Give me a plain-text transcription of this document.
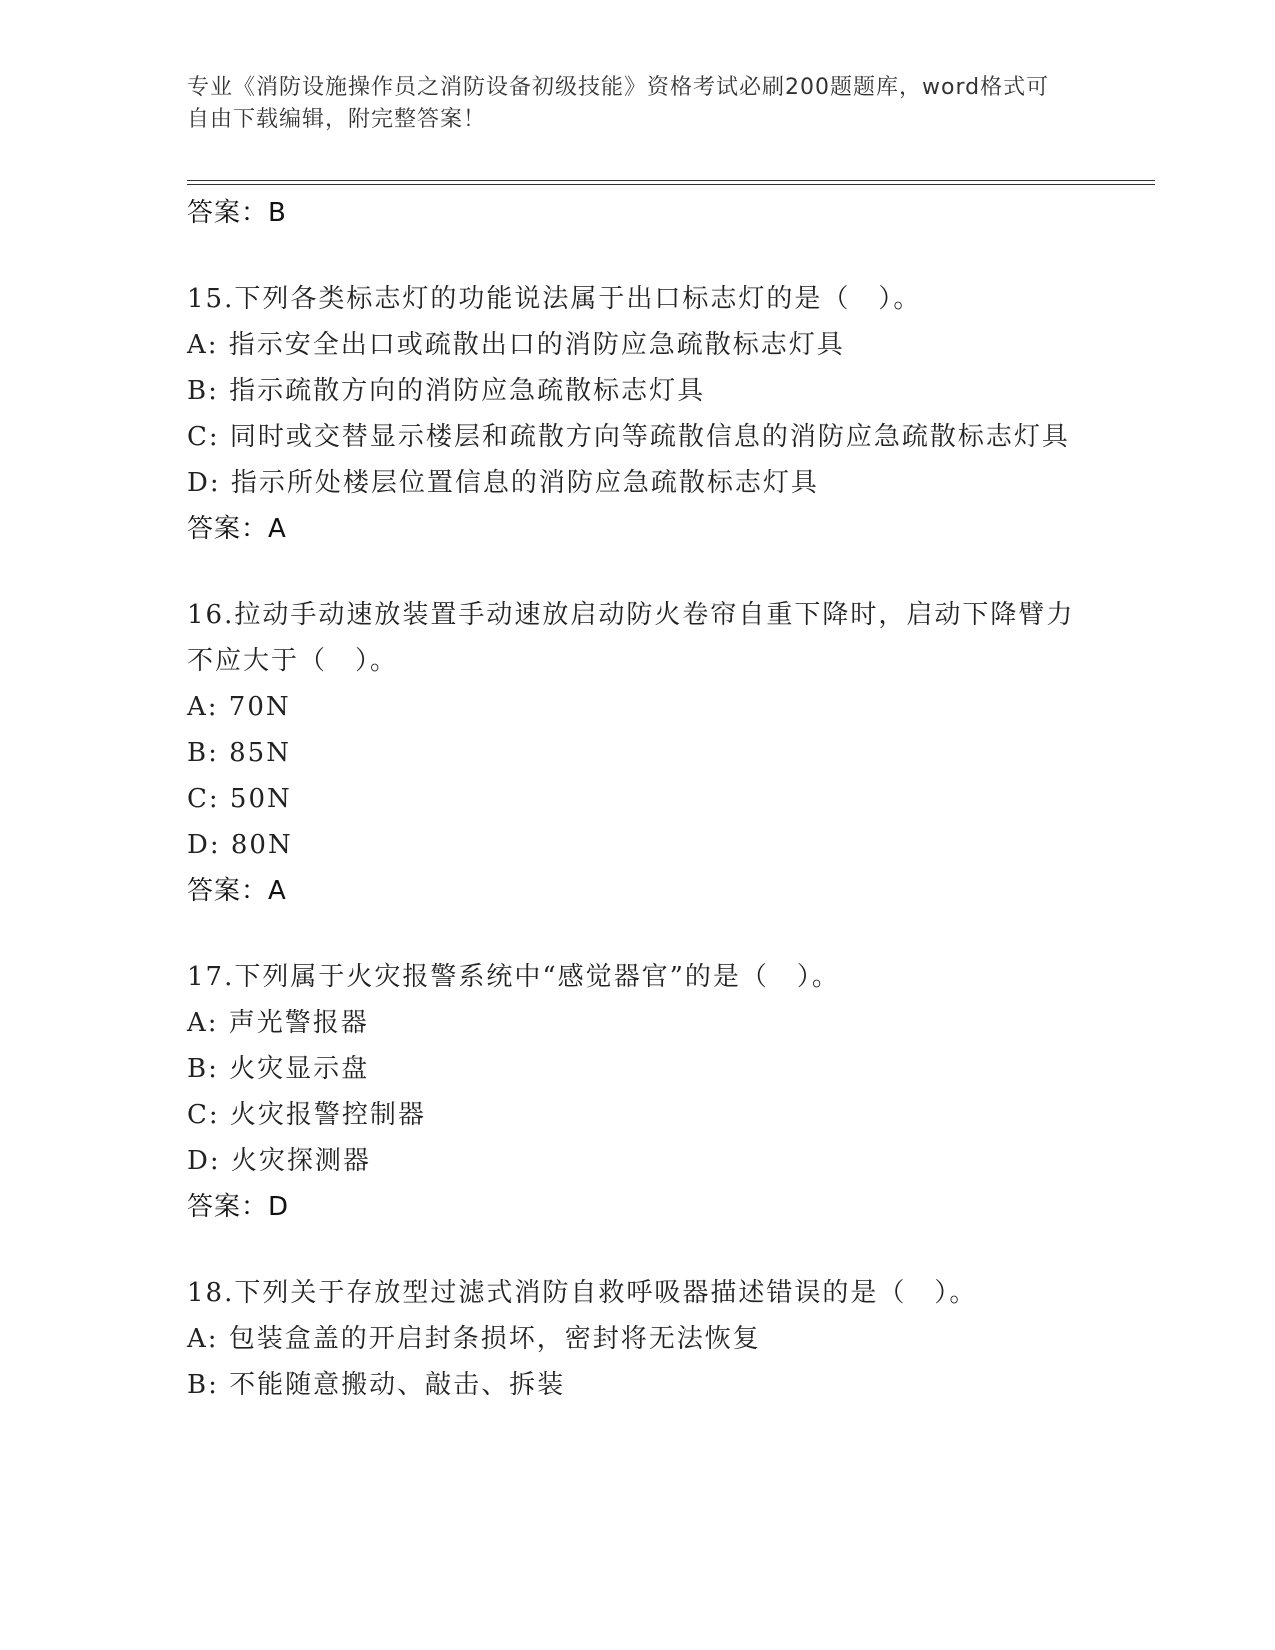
专业《消防设施操作员之消防设备初级技能》资格考试必刷200题题库，word格式可自由下载编辑，附完整答案！
答案：B

15.下列各类标志灯的功能说法属于出口标志灯的是（　）。

A: 指示安全出口或疏散出口的消防应急疏散标志灯具

B: 指示疏散方向的消防应急疏散标志灯具

C: 同时或交替显示楼层和疏散方向等疏散信息的消防应急疏散标志灯具

D: 指示所处楼层位置信息的消防应急疏散标志灯具

答案：A

16.拉动手动速放装置手动速放启动防火卷帘自重下降时，启动下降臂力不应大于（　）。

A: 70N

B: 85N

C: 50N

D: 80N

答案：A

17.下列属于火灾报警系统中“感觉器官”的是（　）。

A: 声光警报器

B: 火灾显示盘

C: 火灾报警控制器

D: 火灾探测器

答案：D

18.下列关于存放型过滤式消防自救呼吸器描述错误的是（　）。

A: 包装盒盖的开启封条损坏，密封将无法恢复

B: 不能随意搬动、敲击、拆装
